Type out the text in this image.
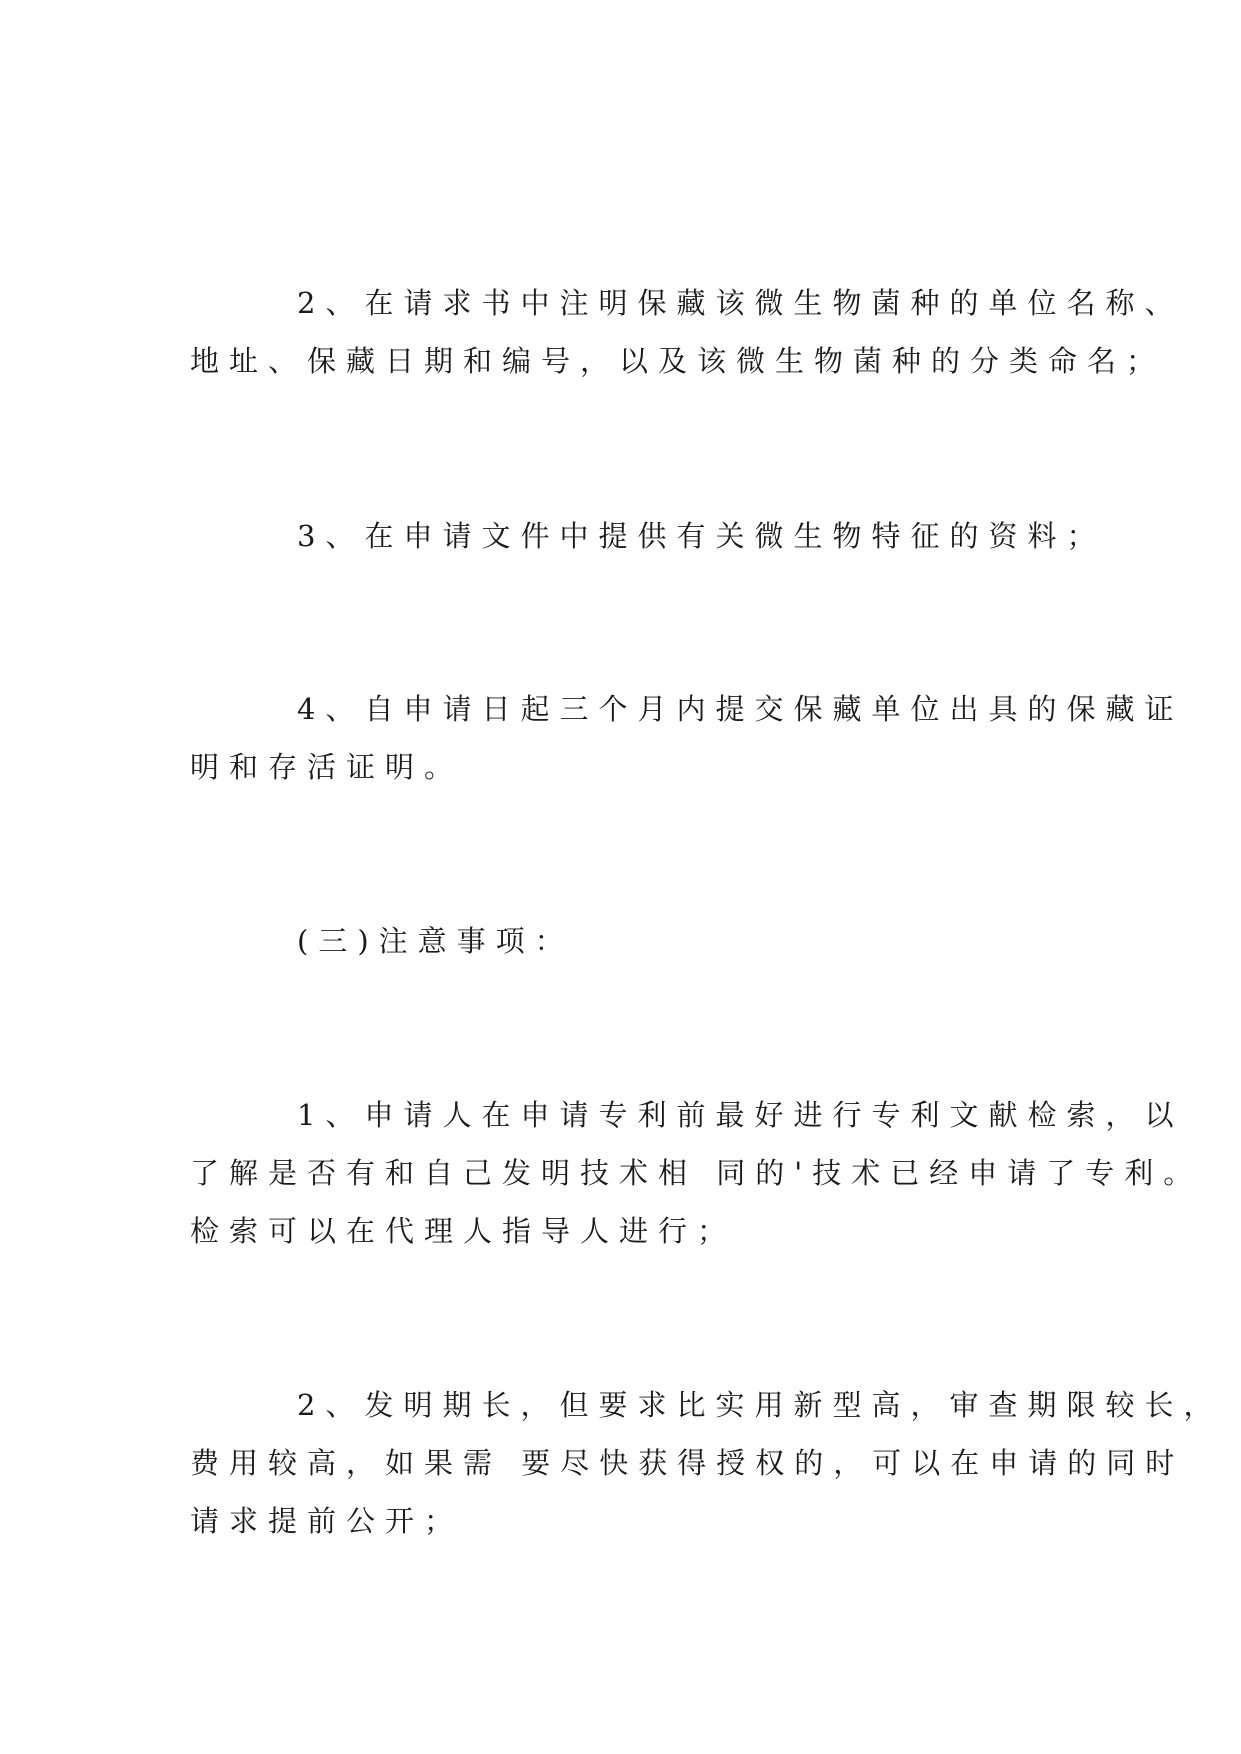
2、在请求书中注明保藏该微生物菌种的单位名称、
地址、保藏日期和编号，以及该微生物菌种的分类命名；
3、在申请文件中提供有关微生物特征的资料；
4、自申请日起三个月内提交保藏单位出具的保藏证
明和存活证明。
(三)注意事项：
1、申请人在申请专利前最好进行专利文献检索，以
了解是否有和自己发明技术相 同的'技术已经申请了专利。
检索可以在代理人指导人进行；
2、发明期长，但要求比实用新型高，审查期限较长，
费用较高，如果需 要尽快获得授权的，可以在申请的同时
请求提前公开；
